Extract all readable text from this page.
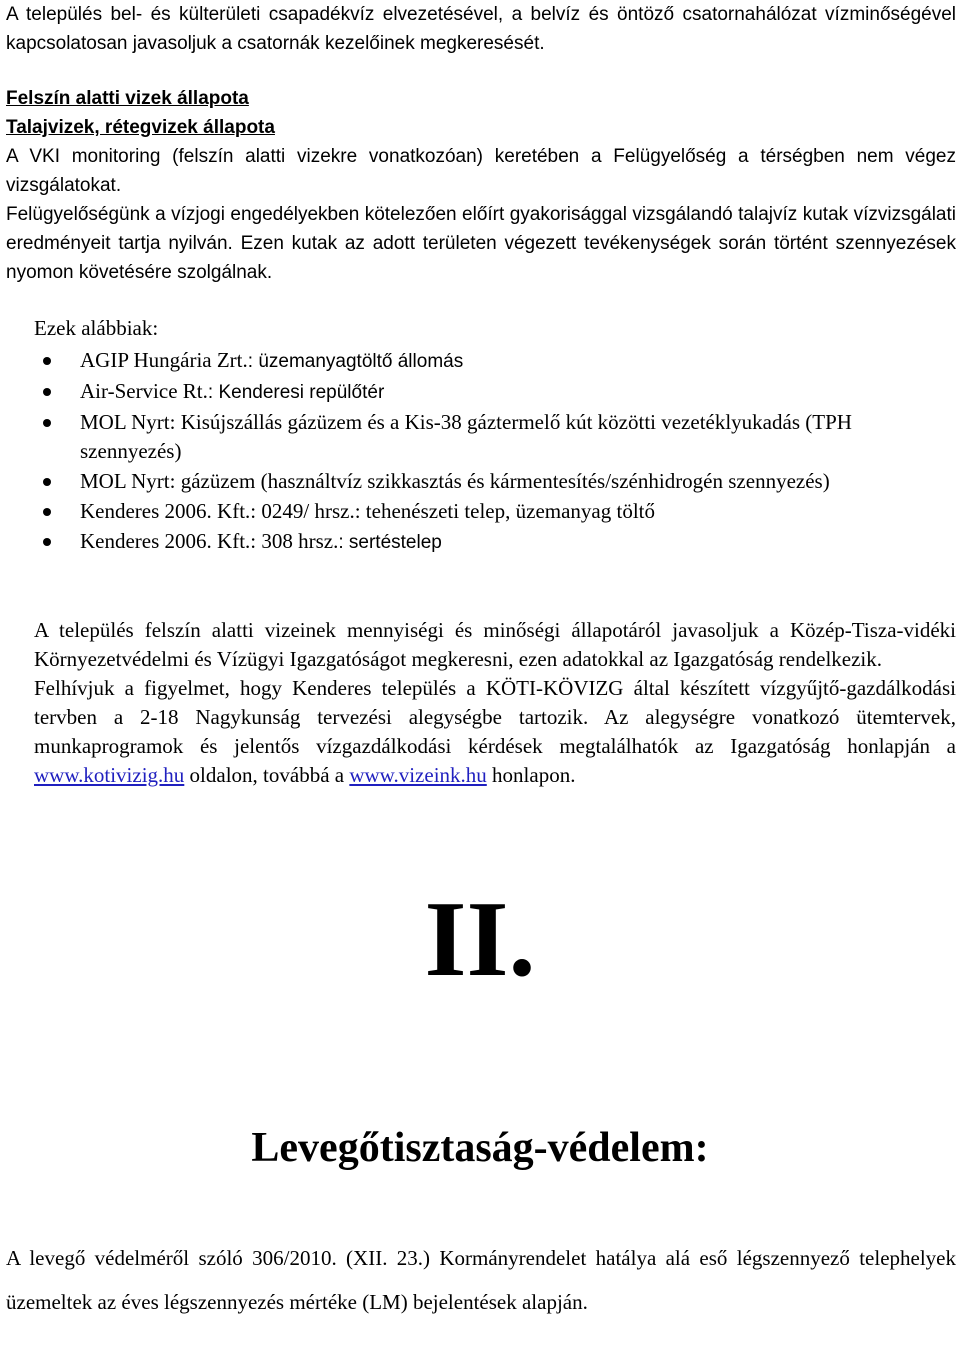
A település bel- és külterületi csapadékvíz elvezetésével, a belvíz és öntöző csatornahálózat vízminőségével kapcsolatosan javasoljuk a csatornák kezelőinek megkeresését.
Felszín alatti vizek állapota
Talajvizek, rétegvizek állapota
A VKI monitoring (felszín alatti vizekre vonatkozóan) keretében a Felügyelőség a térségben nem végez vizsgálatokat.
Felügyelőségünk a vízjogi engedélyekben kötelezően előírt gyakorisággal vizsgálandó talajvíz kutak vízvizsgálati eredményeit tartja nyilván. Ezen kutak az adott területen végezett tevékenységek során történt szennyezések nyomon követésére szolgálnak.
Ezek alábbiak:
AGIP Hungária Zrt.: üzemanyagtöltő állomás
Air-Service Rt.: Kenderesi repülőtér
MOL Nyrt: Kisújszállás gázüzem és a Kis-38 gáztermelő kút közötti vezetéklyukadás (TPH szennyezés)
MOL Nyrt: gázüzem (használtvíz szikkasztás és kármentesítés/szénhidrogén szennyezés)
Kenderes 2006. Kft.: 0249/ hrsz.: tehenészeti telep, üzemanyag töltő
Kenderes 2006. Kft.: 308 hrsz.: sertéstelep
A település felszín alatti vizeinek mennyiségi és minőségi állapotáról javasoljuk a Közép-Tisza-vidéki Környezetvédelmi és Vízügyi Igazgatóságot megkeresni, ezen adatokkal az Igazgatóság rendelkezik.
Felhívjuk a figyelmet, hogy Kenderes település a KÖTI-KÖVIZG által készített vízgyűjtő-gazdálkodási tervben a 2-18 Nagykunság tervezési alegységbe tartozik. Az alegységre vonatkozó ütemtervek, munkaprogramok és jelentős vízgazdálkodási kérdések megtalálhatók az Igazgatóság honlapján a www.kotivizig.hu oldalon, továbbá a www.vizeink.hu honlapon.
II.
Levegőtisztaság-védelem:
A levegő védelméről szóló 306/2010. (XII. 23.) Kormányrendelet hatálya alá eső légszennyező telephelyek üzemeltek az éves légszennyezés mértéke (LM) bejelentések alapján.
